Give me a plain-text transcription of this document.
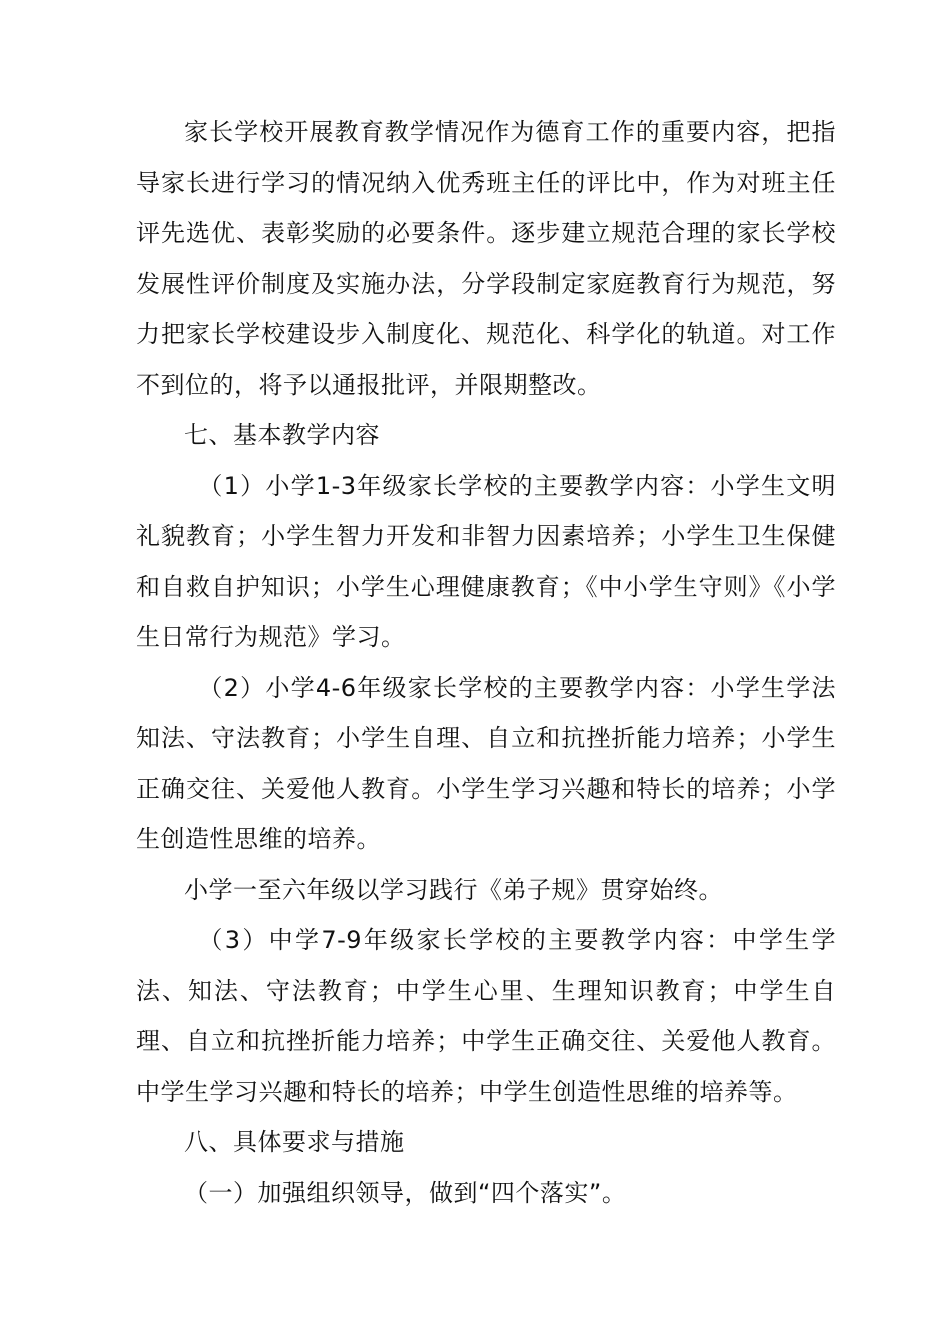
家长学校开展教育教学情况作为德育工作的重要内容，把指导家长进行学习的情况纳入优秀班主任的评比中，作为对班主任评先选优、表彰奖励的必要条件。逐步建立规范合理的家长学校发展性评价制度及实施办法，分学段制定家庭教育行为规范，努力把家长学校建设步入制度化、规范化、科学化的轨道。对工作不到位的，将予以通报批评，并限期整改。

七、基本教学内容

（1）小学1-3年级家长学校的主要教学内容：小学生文明礼貌教育；小学生智力开发和非智力因素培养；小学生卫生保健和自救自护知识；小学生心理健康教育；《中小学生守则》《小学生日常行为规范》学习。

（2）小学4-6年级家长学校的主要教学内容：小学生学法知法、守法教育；小学生自理、自立和抗挫折能力培养；小学生正确交往、关爱他人教育。小学生学习兴趣和特长的培养；小学生创造性思维的培养。

小学一至六年级以学习践行《弟子规》贯穿始终。

（3）中学7-9年级家长学校的主要教学内容：中学生学法、知法、守法教育；中学生心里、生理知识教育；中学生自理、自立和抗挫折能力培养；中学生正确交往、关爱他人教育。中学生学习兴趣和特长的培养；中学生创造性思维的培养等。

八、具体要求与措施

（一）加强组织领导，做到“四个落实”。
